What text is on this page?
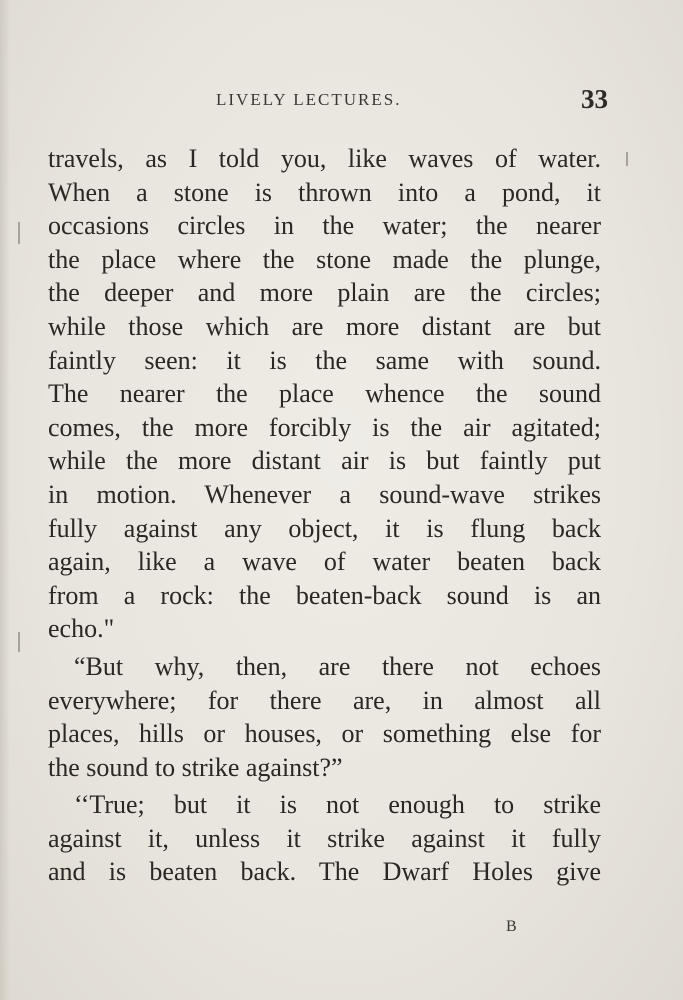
LIVELY LECTURES.	33
travels, as I told you, like waves of water.
When a stone is thrown into a pond, it
occasions circles in the water; the nearer
the place where the stone made the plunge,
the deeper and more plain are the circles;
while those which are more distant are but
faintly seen: it is the same with sound.
The nearer the place whence the sound
comes, the more forcibly is the air agitated;
while the more distant air is but faintly put
in motion. Whenever a sound-wave strikes
fully against any object, it is flung back
again, like a wave of water beaten back
from a rock: the beaten-back sound is an
echo."
“But why, then, are there not echoes
everywhere; for there are, in almost all
places, hills or houses, or something else for
the sound to strike against?”
‘‘True; but it is not enough to strike
against it, unless it strike against it fully
and is beaten back. The Dwarf Holes give
B
